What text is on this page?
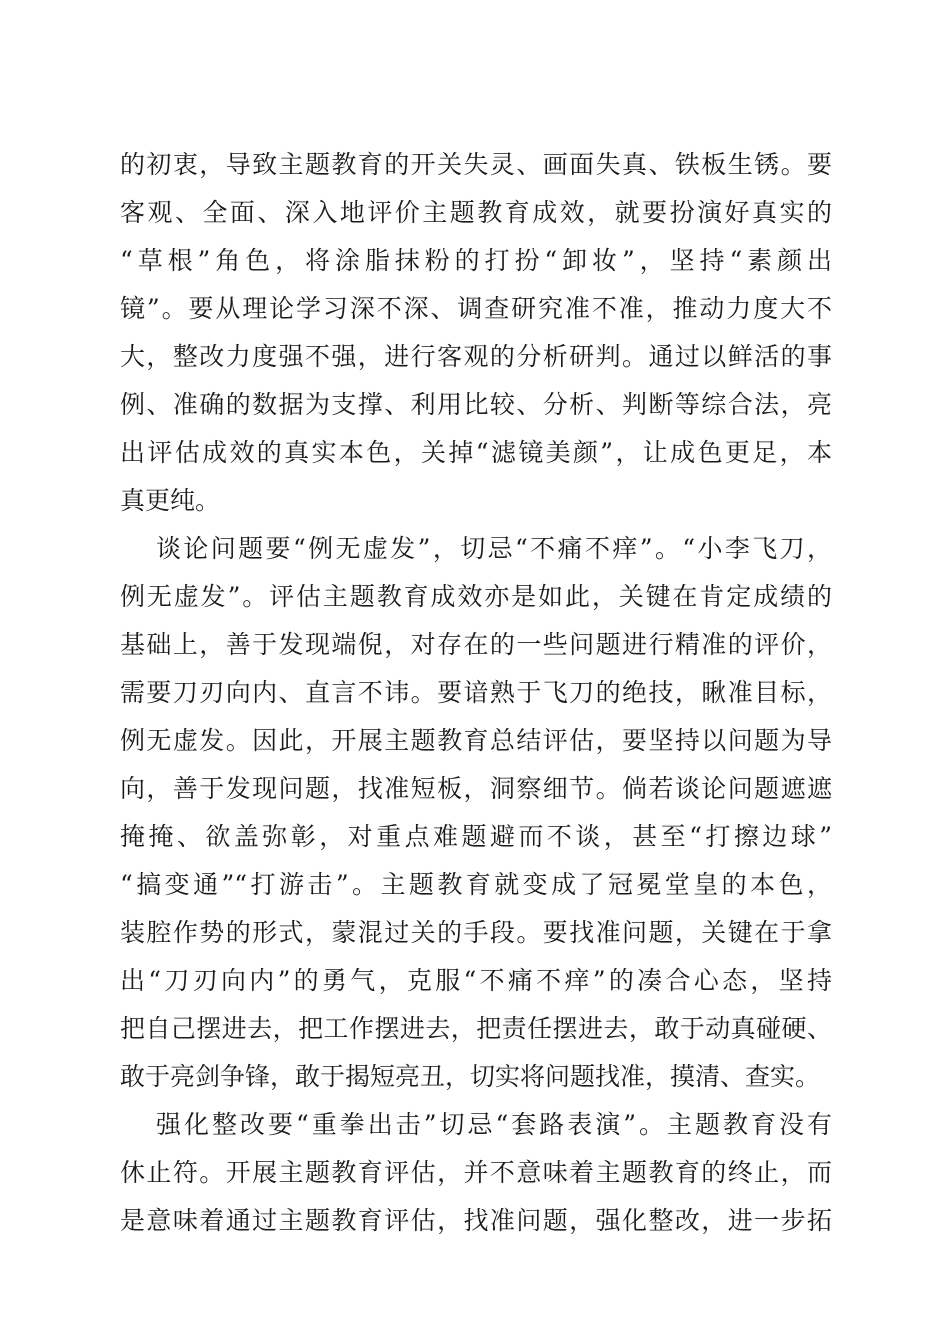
的初衷，导致主题教育的开关失灵、画面失真、铁板生锈。要
客观、全面、深入地评价主题教育成效，就要扮演好真实的
“草根”角色，将涂脂抹粉的打扮“卸妆”，坚持“素颜出
镜”。要从理论学习深不深、调查研究准不准，推动力度大不
大，整改力度强不强，进行客观的分析研判。通过以鲜活的事
例、准确的数据为支撑、利用比较、分析、判断等综合法，亮
出评估成效的真实本色，关掉“滤镜美颜”，让成色更足，本
真更纯。
谈论问题要“例无虚发”，切忌“不痛不痒”。“小李飞刀，
例无虚发”。评估主题教育成效亦是如此，关键在肯定成绩的
基础上，善于发现端倪，对存在的一些问题进行精准的评价，
需要刀刃向内、直言不讳。要谙熟于飞刀的绝技，瞅准目标，
例无虚发。因此，开展主题教育总结评估，要坚持以问题为导
向，善于发现问题，找准短板，洞察细节。倘若谈论问题遮遮
掩掩、欲盖弥彰，对重点难题避而不谈，甚至“打擦边球”
“搞变通”“打游击”。主题教育就变成了冠冕堂皇的本色，
装腔作势的形式，蒙混过关的手段。要找准问题，关键在于拿
出“刀刃向内”的勇气，克服“不痛不痒”的凑合心态，坚持
把自己摆进去，把工作摆进去，把责任摆进去，敢于动真碰硬、
敢于亮剑争锋，敢于揭短亮丑，切实将问题找准，摸清、查实。
强化整改要“重拳出击”切忌“套路表演”。主题教育没有
休止符。开展主题教育评估，并不意味着主题教育的终止，而
是意味着通过主题教育评估，找准问题，强化整改，进一步拓
